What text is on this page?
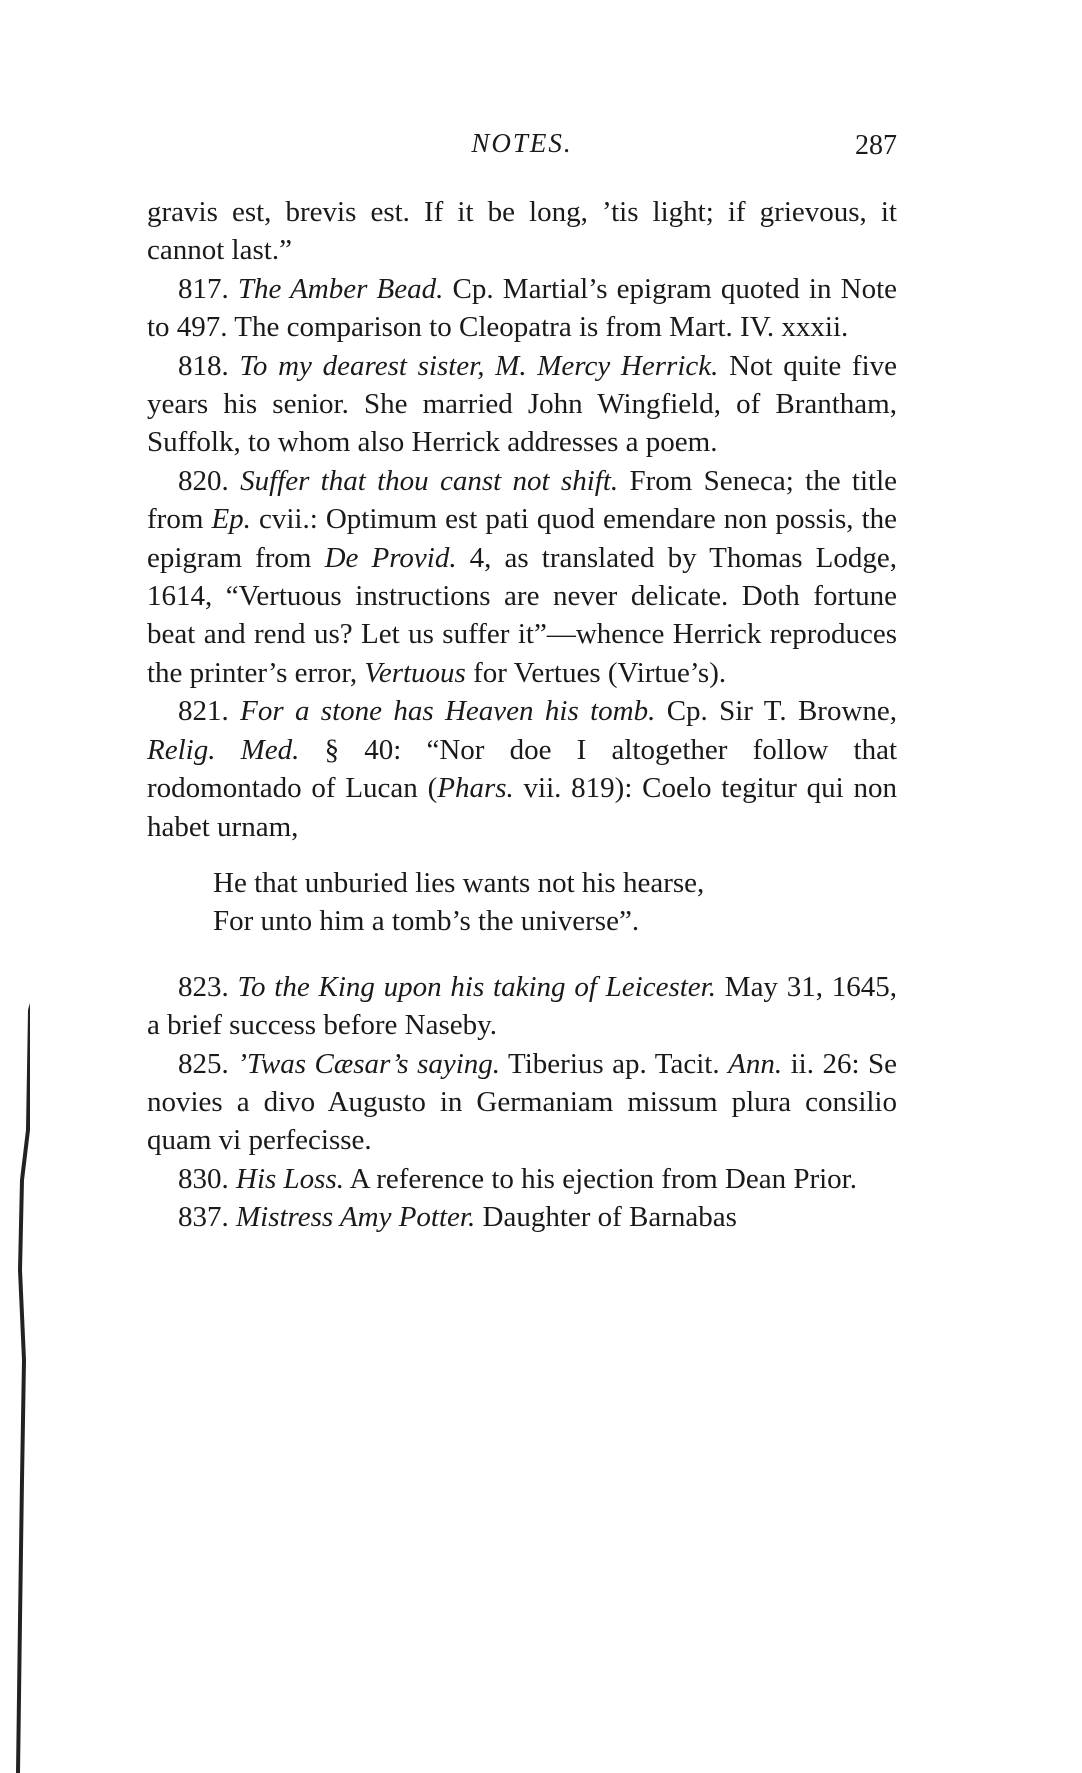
NOTES.	287

gravis est, brevis est. If it be long, ’tis light; if grievous, it cannot last.”

817. The Amber Bead. Cp. Martial’s epigram quoted in Note to 497. The comparison to Cleopatra is from Mart. IV. xxxii.

818. To my dearest sister, M. Mercy Herrick. Not quite five years his senior. She married John Wingfield, of Brantham, Suffolk, to whom also Herrick addresses a poem.

820. Suffer that thou canst not shift. From Seneca; the title from Ep. cvii.: Optimum est pati quod emendare non possis, the epigram from De Provid. 4, as translated by Thomas Lodge, 1614, “Vertuous instructions are never delicate. Doth fortune beat and rend us? Let us suffer it”—whence Herrick reproduces the printer’s error, Vertuous for Vertues (Virtue’s).

821. For a stone has Heaven his tomb. Cp. Sir T. Browne, Relig. Med. § 40: “Nor doe I altogether follow that rodomontado of Lucan (Phars. vii. 819): Coelo tegitur qui non habet urnam,

He that unburied lies wants not his hearse,
For unto him a tomb’s the universe”.

823. To the King upon his taking of Leicester. May 31, 1645, a brief success before Naseby.

825. ’Twas Cæsar’s saying. Tiberius ap. Tacit. Ann. ii. 26: Se novies a divo Augusto in Germaniam missum plura consilio quam vi perfecisse.

830. His Loss. A reference to his ejection from Dean Prior.

837. Mistress Amy Potter. Daughter of Barnabas
